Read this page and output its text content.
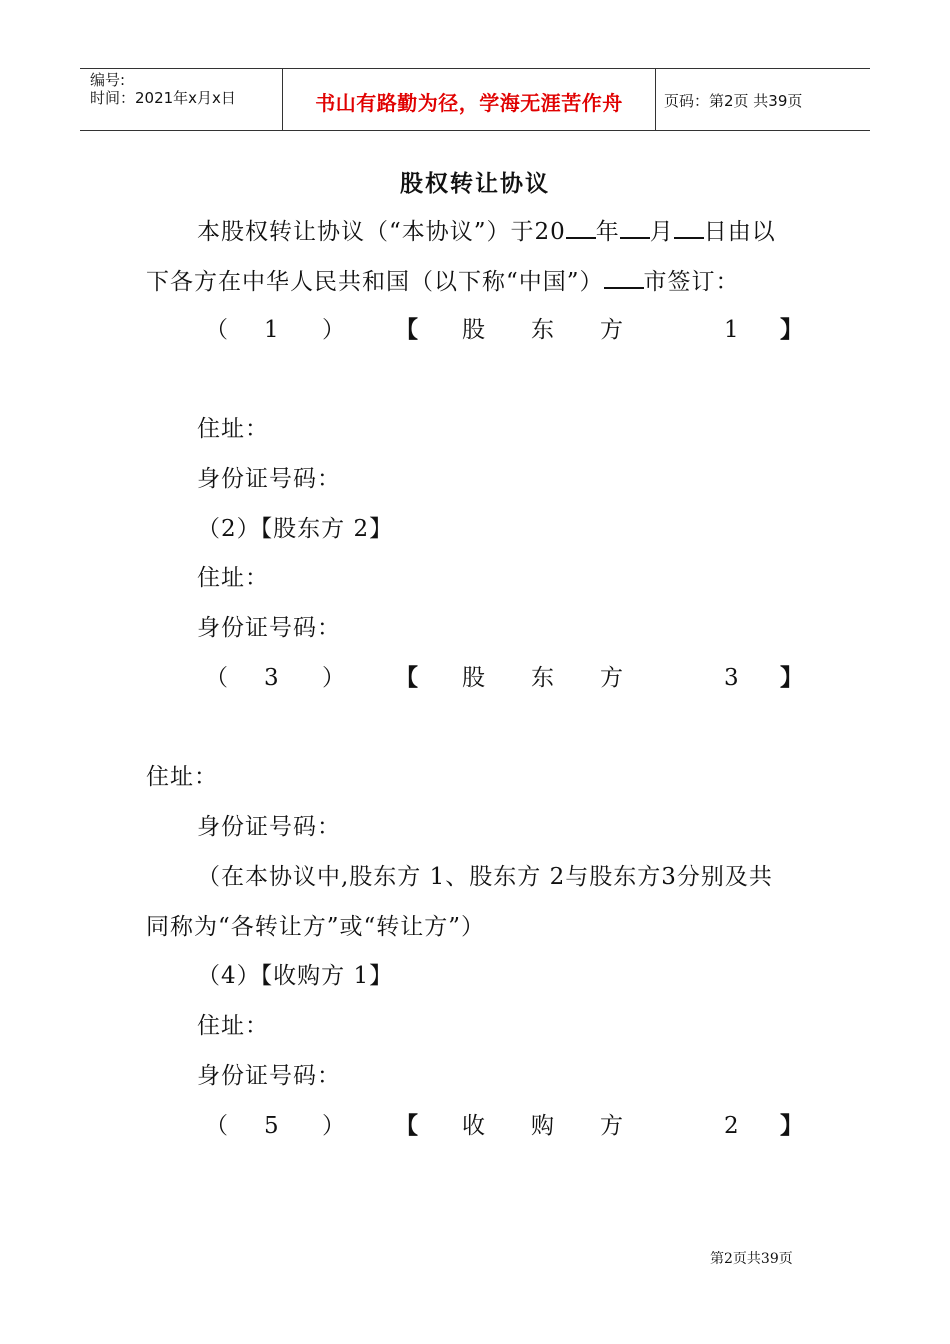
编号:
时间：2021年x月x日	书山有路勤为径，学海无涯苦作舟	页码：第2页 共39页
股权转让协议
本股权转让协议（“本协议”）于20 年 月 日由以
下各方在中华人民共和国（以下称“中国”） 市签订：
（ 1 ） 【 股 东 方	1 】
住址：
身份证号码：
（2）【股东方 2】
住址：
身份证号码：
（ 3 ） 【 股 东 方	3 】
住址：
身份证号码：
（在本协议中,股东方 1、股东方 2与股东方3分别及共
同称为“各转让方”或“转让方”）
（4）【收购方 1】
住址：
身份证号码：
（ 5 ） 【 收 购 方	2 】
第2页共39页
